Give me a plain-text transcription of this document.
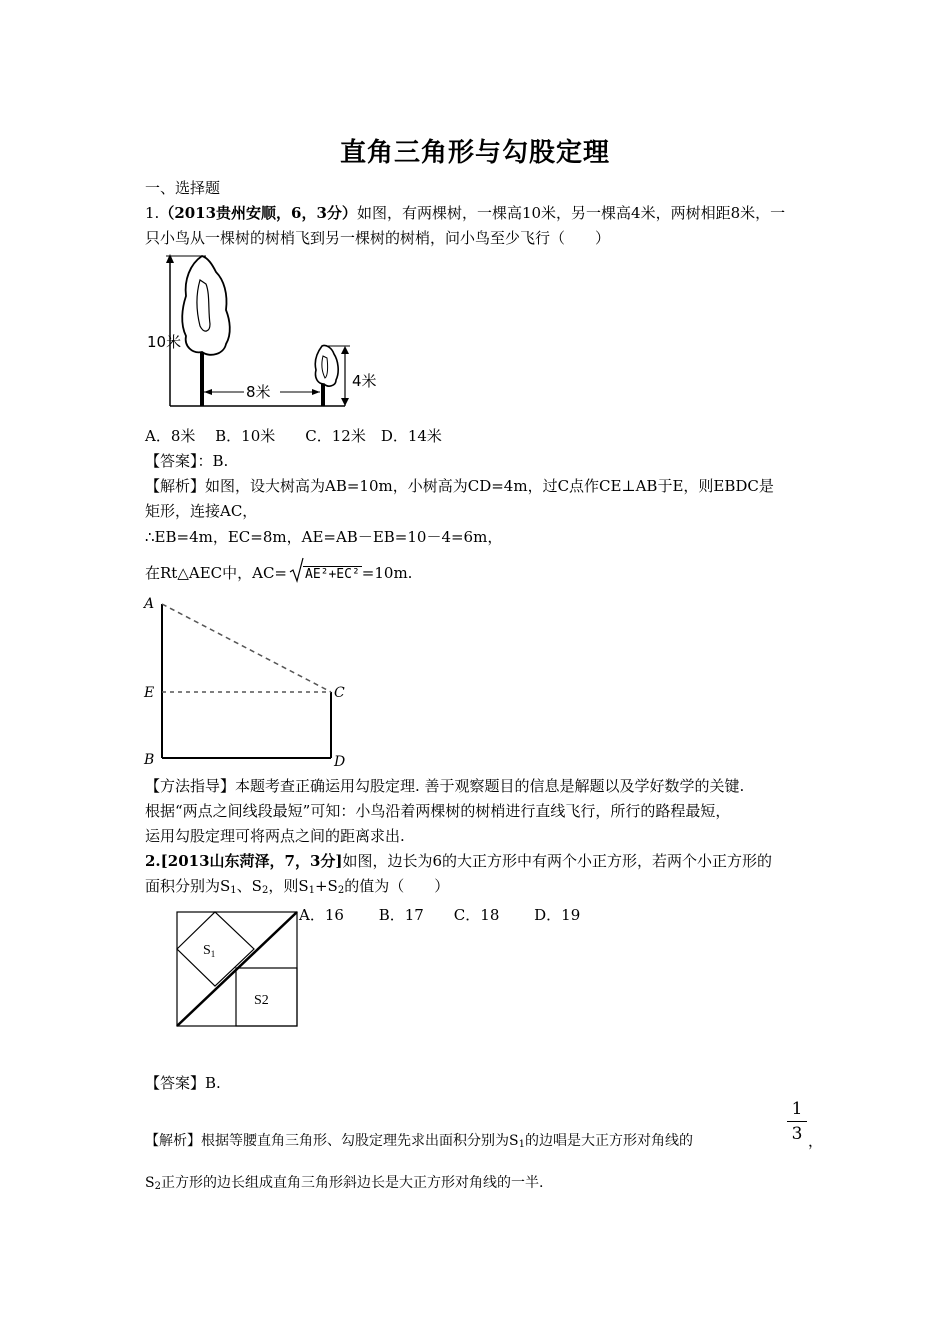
直角三角形与勾股定理
一、选择题
1.（2013贵州安顺，6，3分）如图，有两棵树，一棵高10米，另一棵高4米，两树相距8米，一
只小鸟从一棵树的树梢飞到另一棵树的树梢，问小鸟至少飞行（　　）
10米
8米
4米
A．8米　 B．10米　　C．12米　D．14米
【答案】：B.
【解析】如图，设大树高为AB=10m，小树高为CD=4m，过C点作CE⊥AB于E，则EBDC是
矩形，连接AC，
∴EB=4m，EC=8m，AE=AB－EB=10－4=6m，
在Rt△AEC中，AC= AE²+EC² =10m.
A
E
B
C
D
【方法指导】本题考查正确运用勾股定理. 善于观察题目的信息是解题以及学好数学的关键.
根据“两点之间线段最短”可知：小鸟沿着两棵树的树梢进行直线飞行，所行的路程最短，
运用勾股定理可将两点之间的距离求出.
2.[2013山东菏泽，7，3分]如图，边长为6的大正方形中有两个小正方形，若两个小正方形的
面积分别为$S_1$、$S_2$，则$S_1+S_2$的值为（　　）
$S_1$
S2
A．16　　 B．17　　C．18　　 D．19
【答案】B.
【解析】根据等腰直角三角形、勾股定理先求出面积分别为$S_1$的边唱是大正方形对角线的
1
3 ，
$S_2$正方形的边长组成直角三角形斜边长是大正方形对角线的一半.
